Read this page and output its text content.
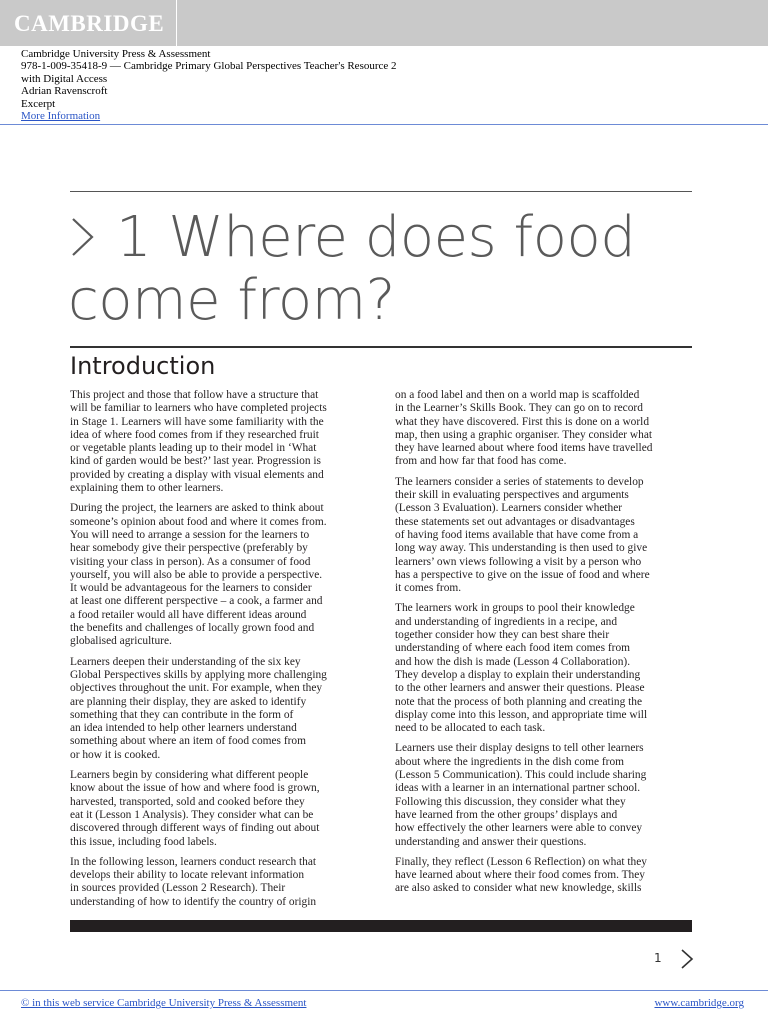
CAMBRIDGE
Cambridge University Press & Assessment
978-1-009-35418-9 — Cambridge Primary Global Perspectives Teacher's Resource 2
with Digital Access
Adrian Ravenscroft
Excerpt
More Information
1 Where does food
come from?
Introduction

This project and those that follow have a structure that
will be familiar to learners who have completed projects
in Stage 1. Learners will have some familiarity with the
idea of where food comes from if they researched fruit
or vegetable plants leading up to their model in ‘What
kind of garden would be best?’ last year. Progression is
provided by creating a display with visual elements and
explaining them to other learners.

During the project, the learners are asked to think about
someone’s opinion about food and where it comes from.
You will need to arrange a session for the learners to
hear somebody give their perspective (preferably by
visiting your class in person). As a consumer of food
yourself, you will also be able to provide a perspective.
It would be advantageous for the learners to consider
at least one different perspective – a cook, a farmer and
a food retailer would all have different ideas around
the benefits and challenges of locally grown food and
globalised agriculture.

Learners deepen their understanding of the six key
Global Perspectives skills by applying more challenging
objectives throughout the unit. For example, when they
are planning their display, they are asked to identify
something that they can contribute in the form of
an idea intended to help other learners understand
something about where an item of food comes from
or how it is cooked.

Learners begin by considering what different people
know about the issue of how and where food is grown,
harvested, transported, sold and cooked before they
eat it (Lesson 1 Analysis). They consider what can be
discovered through different ways of finding out about
this issue, including food labels.

In the following lesson, learners conduct research that
develops their ability to locate relevant information
in sources provided (Lesson 2 Research). Their
understanding of how to identify the country of origin

on a food label and then on a world map is scaffolded
in the Learner’s Skills Book. They can go on to record
what they have discovered. First this is done on a world
map, then using a graphic organiser. They consider what
they have learned about where food items have travelled
from and how far that food has come.

The learners consider a series of statements to develop
their skill in evaluating perspectives and arguments
(Lesson 3 Evaluation). Learners consider whether
these statements set out advantages or disadvantages
of having food items available that have come from a
long way away. This understanding is then used to give
learners’ own views following a visit by a person who
has a perspective to give on the issue of food and where
it comes from.

The learners work in groups to pool their knowledge
and understanding of ingredients in a recipe, and
together consider how they can best share their
understanding of where each food item comes from
and how the dish is made (Lesson 4 Collaboration).
They develop a display to explain their understanding
to the other learners and answer their questions. Please
note that the process of both planning and creating the
display come into this lesson, and appropriate time will
need to be allocated to each task.

Learners use their display designs to tell other learners
about where the ingredients in the dish come from
(Lesson 5 Communication). This could include sharing
ideas with a learner in an international partner school.
Following this discussion, they consider what they
have learned from the other groups’ displays and
how effectively the other learners were able to convey
understanding and answer their questions.

Finally, they reflect (Lesson 6 Reflection) on what they
have learned about where their food comes from. They
are also asked to consider what new knowledge, skills

1
© in this web service Cambridge University Press & Assessment	www.cambridge.org
